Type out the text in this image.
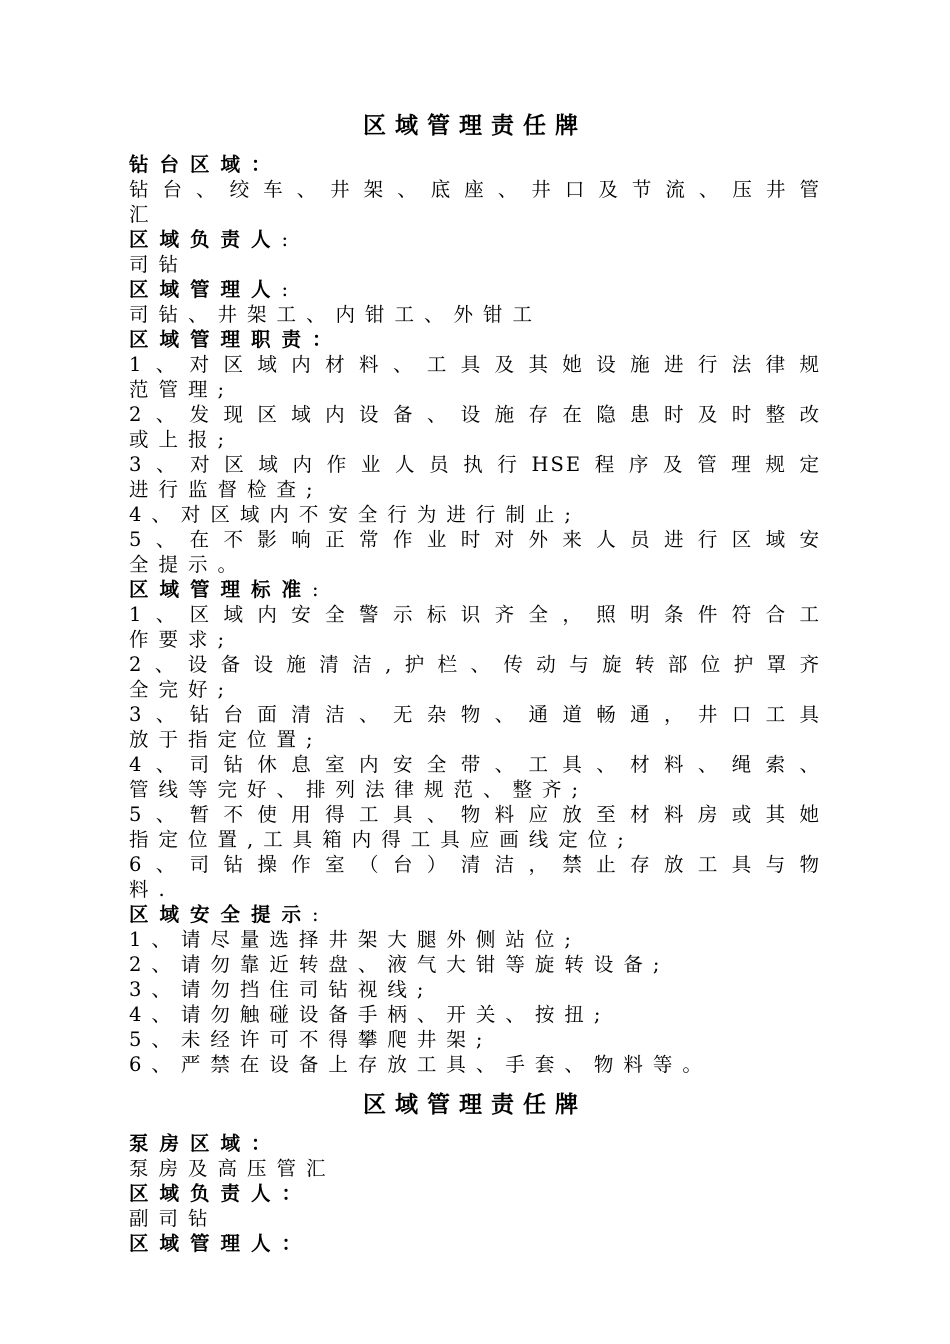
区域管理责任牌
钻台区域：
钻台、绞车、井架、底座、井口及节流、压井管
汇
区域负责人:
司钻
区域管理人:
司钻、井架工、内钳工、外钳工
区域管理职责：
1、对区域内材料、工具及其她设施进行法律规
范管理;
2、发现区域内设备、设施存在隐患时及时整改
或上报;
3、对区域内作业人员执行HSE程序及管理规定
进行监督检查;
4、对区域内不安全行为进行制止;
5、在不影响正常作业时对外来人员进行区域安
全提示。
区域管理标准:
1、区域内安全警示标识齐全，照明条件符合工
作要求;
2、设备设施清洁,护栏、传动与旋转部位护罩齐
全完好;
3、钻台面清洁、无杂物、通道畅通，井口工具
放于指定位置;
4、司钻休息室内安全带、工具、材料、绳索、
管线等完好、排列法律规范、整齐;
5、暂不使用得工具、物料应放至材料房或其她
指定位置,工具箱内得工具应画线定位;
6、司钻操作室（台）清洁，禁止存放工具与物
料.
区域安全提示:
1、请尽量选择井架大腿外侧站位;
2、请勿靠近转盘、液气大钳等旋转设备;
3、请勿挡住司钻视线;
4、请勿触碰设备手柄、开关、按扭;
5、未经许可不得攀爬井架;
6、严禁在设备上存放工具、手套、物料等。
区域管理责任牌
泵房区域：
泵房及高压管汇
区域负责人：
副司钻
区域管理人：
